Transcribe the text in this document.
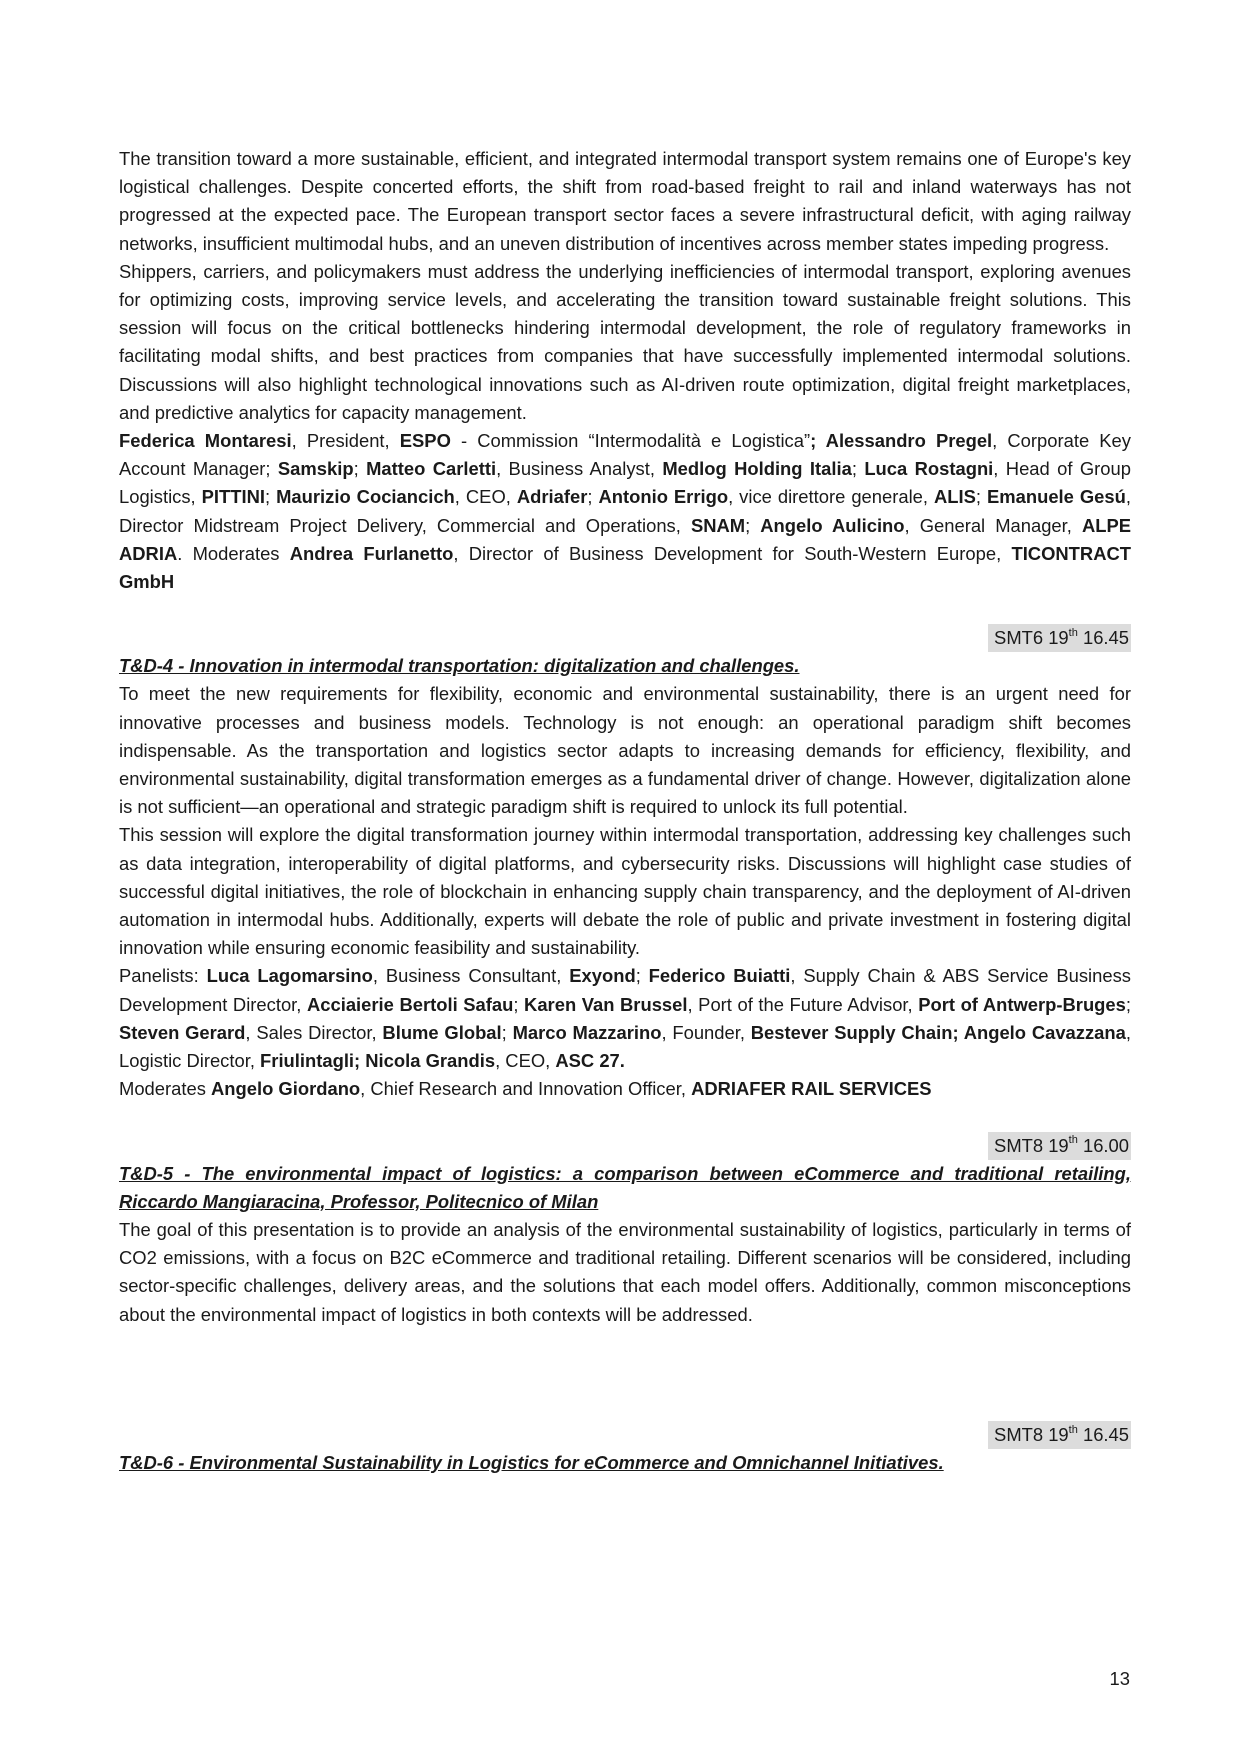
The transition toward a more sustainable, efficient, and integrated intermodal transport system remains one of Europe's key logistical challenges. Despite concerted efforts, the shift from road-based freight to rail and inland waterways has not progressed at the expected pace. The European transport sector faces a severe infrastructural deficit, with aging railway networks, insufficient multimodal hubs, and an uneven distribution of incentives across member states impeding progress.

Shippers, carriers, and policymakers must address the underlying inefficiencies of intermodal transport, exploring avenues for optimizing costs, improving service levels, and accelerating the transition toward sustainable freight solutions. This session will focus on the critical bottlenecks hindering intermodal development, the role of regulatory frameworks in facilitating modal shifts, and best practices from companies that have successfully implemented intermodal solutions. Discussions will also highlight technological innovations such as AI-driven route optimization, digital freight marketplaces, and predictive analytics for capacity management.

Federica Montaresi, President, ESPO - Commission “Intermodalità e Logistica”; Alessandro Pregel, Corporate Key Account Manager; Samskip; Matteo Carletti, Business Analyst, Medlog Holding Italia; Luca Rostagni, Head of Group Logistics, PITTINI; Maurizio Cociancich, CEO, Adriafer; Antonio Errigo, vice direttore generale, ALIS; Emanuele Gesú, Director Midstream Project Delivery, Commercial and Operations, SNAM; Angelo Aulicino, General Manager, ALPE ADRIA. Moderates Andrea Furlanetto, Director of Business Development for South-Western Europe, TICONTRACT GmbH

SMT6 19th 16.45

T&D-4 - Innovation in intermodal transportation: digitalization and challenges.

To meet the new requirements for flexibility, economic and environmental sustainability, there is an urgent need for innovative processes and business models. Technology is not enough: an operational paradigm shift becomes indispensable. As the transportation and logistics sector adapts to increasing demands for efficiency, flexibility, and environmental sustainability, digital transformation emerges as a fundamental driver of change. However, digitalization alone is not sufficient—an operational and strategic paradigm shift is required to unlock its full potential.

This session will explore the digital transformation journey within intermodal transportation, addressing key challenges such as data integration, interoperability of digital platforms, and cybersecurity risks. Discussions will highlight case studies of successful digital initiatives, the role of blockchain in enhancing supply chain transparency, and the deployment of AI-driven automation in intermodal hubs. Additionally, experts will debate the role of public and private investment in fostering digital innovation while ensuring economic feasibility and sustainability.

Panelists: Luca Lagomarsino, Business Consultant, Exyond; Federico Buiatti, Supply Chain & ABS Service Business Development Director, Acciaierie Bertoli Safau; Karen Van Brussel, Port of the Future Advisor, Port of Antwerp-Bruges; Steven Gerard, Sales Director, Blume Global; Marco Mazzarino, Founder, Bestever Supply Chain; Angelo Cavazzana, Logistic Director, Friulintagli; Nicola Grandis, CEO, ASC 27.

Moderates Angelo Giordano, Chief Research and Innovation Officer, ADRIAFER RAIL SERVICES

SMT8 19th 16.00

T&D-5 - The environmental impact of logistics: a comparison between eCommerce and traditional retailing, Riccardo Mangiaracina, Professor, Politecnico of Milan

The goal of this presentation is to provide an analysis of the environmental sustainability of logistics, particularly in terms of CO2 emissions, with a focus on B2C eCommerce and traditional retailing. Different scenarios will be considered, including sector-specific challenges, delivery areas, and the solutions that each model offers. Additionally, common misconceptions about the environmental impact of logistics in both contexts will be addressed.

SMT8 19th 16.45

T&D-6 - Environmental Sustainability in Logistics for eCommerce and Omnichannel Initiatives.

13
